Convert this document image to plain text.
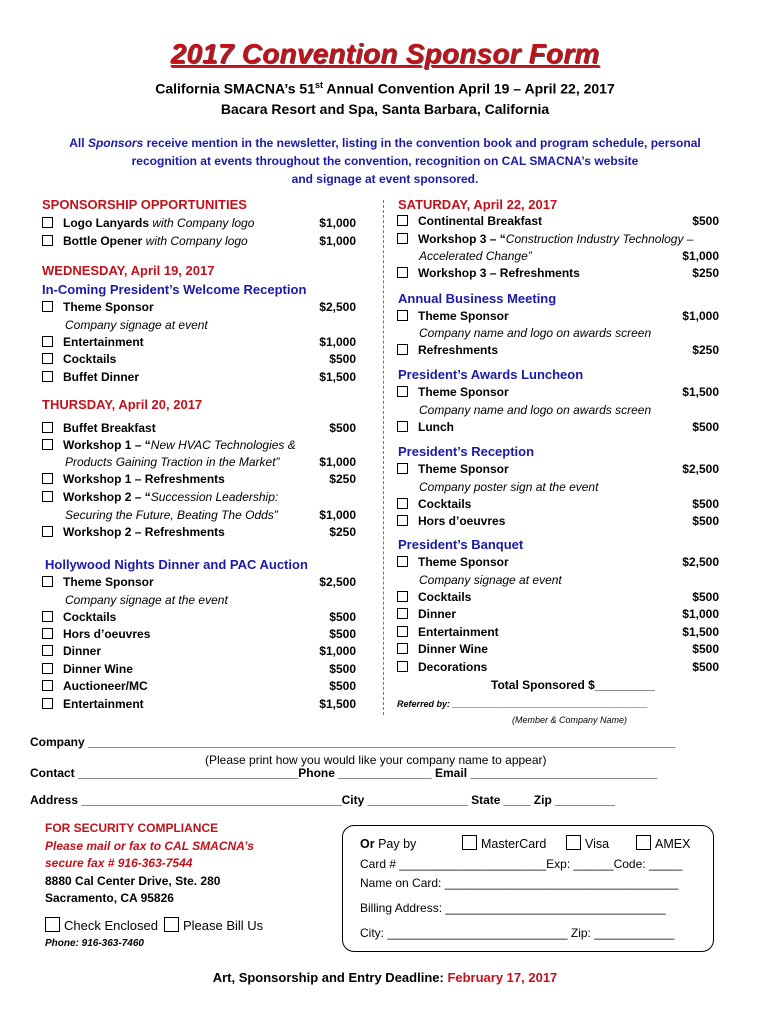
2017 Convention Sponsor Form
California SMACNA’s 51st Annual Convention April 19 – April 22, 2017
Bacara Resort and Spa, Santa Barbara, California
All Sponsors receive mention in the newsletter, listing in the convention book and program schedule, personal
recognition at events throughout the convention, recognition on CAL SMACNA’s website
and signage at event sponsored.
SPONSORSHIP OPPORTUNITIES
Logo Lanyards with Company logo	$1,000
Bottle Opener with Company logo	$1,000
WEDNESDAY, April 19, 2017
In-Coming President’s Welcome Reception
Theme Sponsor	$2,500
Company signage at event
Entertainment	$1,000
Cocktails	$500
Buffet Dinner	$1,500
THURSDAY, April 20, 2017
Buffet Breakfast	$500
Workshop 1 – “New HVAC Technologies &
Products Gaining Traction in the Market”	$1,000
Workshop 1 – Refreshments	$250
Workshop 2 – “Succession Leadership:
Securing the Future, Beating The Odds”	$1,000
Workshop 2 – Refreshments	$250
Hollywood Nights Dinner and PAC Auction
Theme Sponsor	$2,500
Company signage at the event
Cocktails	$500
Hors d’oeuvres	$500
Dinner	$1,000
Dinner Wine	$500
Auctioneer/MC	$500
Entertainment	$1,500
SATURDAY, April 22, 2017
Continental Breakfast	$500
Workshop 3 – “Construction Industry Technology –
Accelerated Change”	$1,000
Workshop 3 – Refreshments	$250
Annual Business Meeting
Theme Sponsor	$1,000
Company name and logo on awards screen
Refreshments	$250
President’s Awards Luncheon
Theme Sponsor	$1,500
Company name and logo on awards screen
Lunch	$500
President’s Reception
Theme Sponsor	$2,500
Company poster sign at the event
Cocktails	$500
Hors d’oeuvres	$500
President’s Banquet
Theme Sponsor	$2,500
Company signage at event
Cocktails	$500
Dinner	$1,000
Entertainment	$1,500
Dinner Wine	$500
Decorations	$500
Total Sponsored $_________
Referred by: _______________________________________
(Member & Company Name)
Company ________________________________________________________________________________________
(Please print how you would like your company name to appear)
Contact _________________________________Phone ______________ Email ____________________________
Address _______________________________________City _______________ State ____ Zip _________
FOR SECURITY COMPLIANCE
Please mail or fax to CAL SMACNA’s
secure fax # 916-363-7544
8880 Cal Center Drive, Ste. 280
Sacramento, CA 95826
Check Enclosed Please Bill Us
Phone: 916-363-7460
Or Pay by	MasterCard	Visa	AMEX
Card # ______________________Exp: ______Code: _____
Name on Card: ___________________________________
Billing Address: _________________________________
City: ___________________________ Zip: ____________
Art, Sponsorship and Entry Deadline: February 17, 2017
